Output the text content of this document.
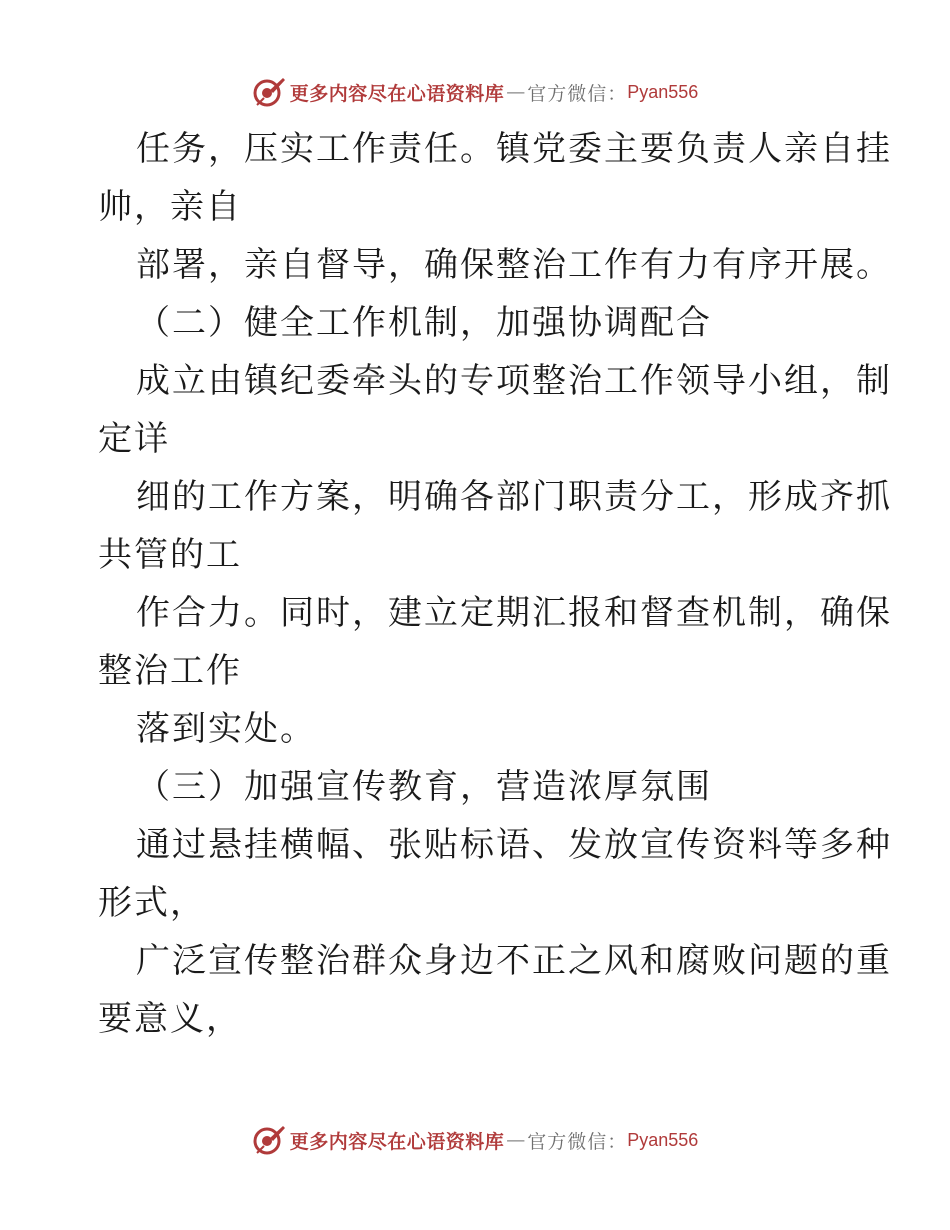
更多内容尽在心语资料库 — 官方微信： Pyan556
任务，压实工作责任。镇党委主要负责人亲自挂
帅，亲自
部署，亲自督导，确保整治工作有力有序开展。
（二）健全工作机制，加强协调配合
成立由镇纪委牵头的专项整治工作领导小组，制
定详
细的工作方案，明确各部门职责分工，形成齐抓
共管的工
作合力。同时，建立定期汇报和督查机制，确保
整治工作
落到实处。
（三）加强宣传教育，营造浓厚氛围
通过悬挂横幅、张贴标语、发放宣传资料等多种
形式，
广泛宣传整治群众身边不正之风和腐败问题的重
要意义，
更多内容尽在心语资料库 — 官方微信： Pyan556
